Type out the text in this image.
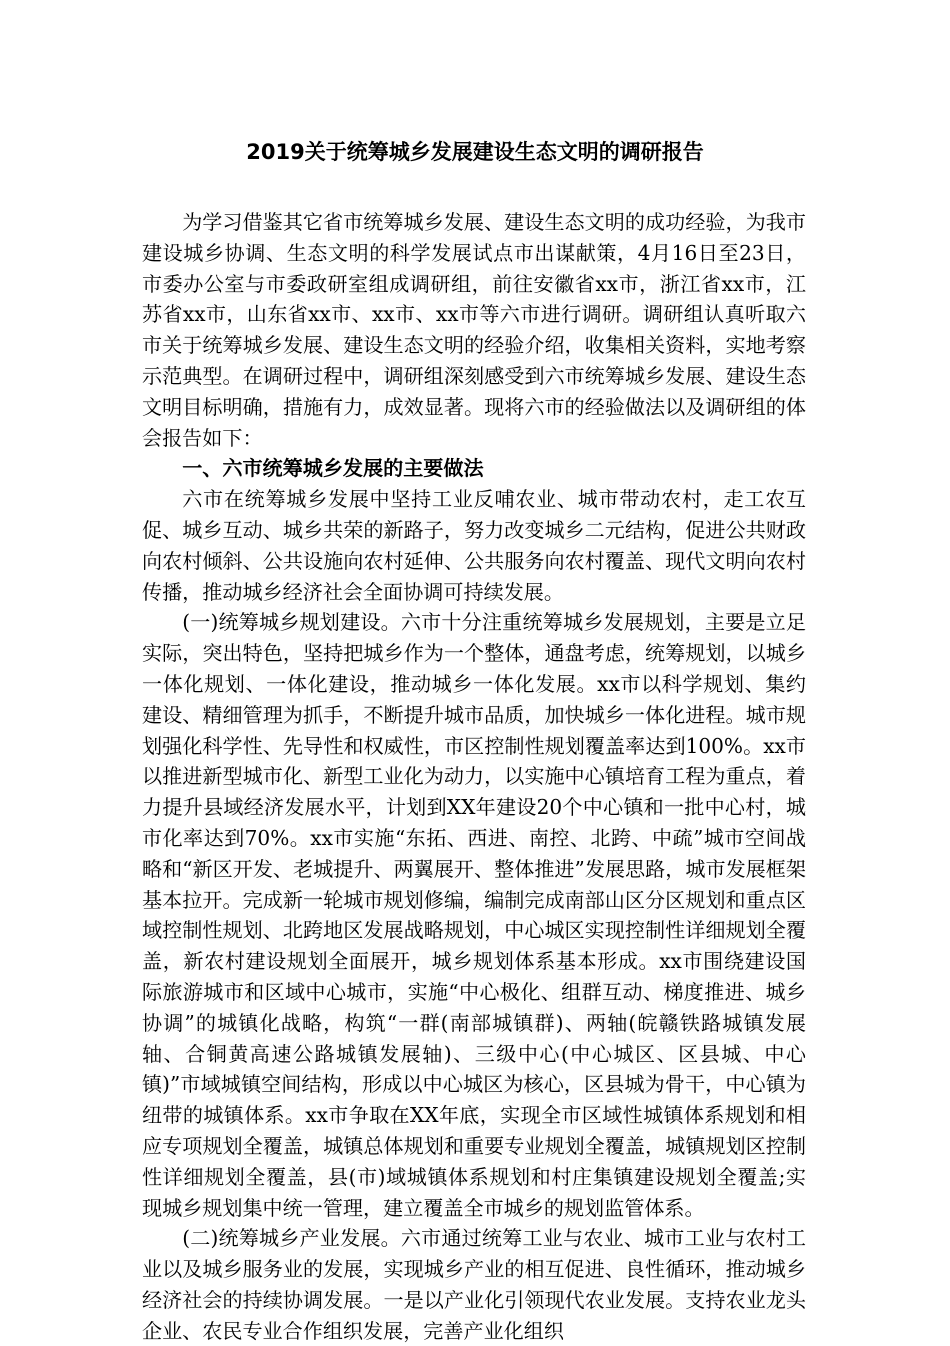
2019关于统筹城乡发展建设生态文明的调研报告

为学习借鉴其它省市统筹城乡发展、建设生态文明的成功经验，为我市建设城乡协调、生态文明的科学发展试点市出谋献策，4月16日至23日，市委办公室与市委政研室组成调研组，前往安徽省xx市，浙江省xx市，江苏省xx市，山东省xx市、xx市、xx市等六市进行调研。调研组认真听取六市关于统筹城乡发展、建设生态文明的经验介绍，收集相关资料，实地考察示范典型。在调研过程中，调研组深刻感受到六市统筹城乡发展、建设生态文明目标明确，措施有力，成效显著。现将六市的经验做法以及调研组的体会报告如下：

一、六市统筹城乡发展的主要做法

六市在统筹城乡发展中坚持工业反哺农业、城市带动农村，走工农互促、城乡互动、城乡共荣的新路子，努力改变城乡二元结构，促进公共财政向农村倾斜、公共设施向农村延伸、公共服务向农村覆盖、现代文明向农村传播，推动城乡经济社会全面协调可持续发展。

(一)统筹城乡规划建设。六市十分注重统筹城乡发展规划，主要是立足实际，突出特色，坚持把城乡作为一个整体，通盘考虑，统筹规划，以城乡一体化规划、一体化建设，推动城乡一体化发展。xx市以科学规划、集约建设、精细管理为抓手，不断提升城市品质，加快城乡一体化进程。城市规划强化科学性、先导性和权威性，市区控制性规划覆盖率达到100%。xx市以推进新型城市化、新型工业化为动力，以实施中心镇培育工程为重点，着力提升县域经济发展水平，计划到XX年建设20个中心镇和一批中心村，城市化率达到70%。xx市实施“东拓、西进、南控、北跨、中疏”城市空间战略和“新区开发、老城提升、两翼展开、整体推进”发展思路，城市发展框架基本拉开。完成新一轮城市规划修编，编制完成南部山区分区规划和重点区域控制性规划、北跨地区发展战略规划，中心城区实现控制性详细规划全覆盖，新农村建设规划全面展开，城乡规划体系基本形成。xx市围绕建设国际旅游城市和区域中心城市，实施“中心极化、组群互动、梯度推进、城乡协调”的城镇化战略，构筑“一群(南部城镇群)、两轴(皖赣铁路城镇发展轴、合铜黄高速公路城镇发展轴)、三级中心(中心城区、区县城、中心镇)”市域城镇空间结构，形成以中心城区为核心，区县城为骨干，中心镇为纽带的城镇体系。xx市争取在XX年底，实现全市区域性城镇体系规划和相应专项规划全覆盖，城镇总体规划和重要专业规划全覆盖，城镇规划区控制性详细规划全覆盖，县(市)域城镇体系规划和村庄集镇建设规划全覆盖;实现城乡规划集中统一管理，建立覆盖全市城乡的规划监管体系。

(二)统筹城乡产业发展。六市通过统筹工业与农业、城市工业与农村工业以及城乡服务业的发展，实现城乡产业的相互促进、良性循环，推动城乡经济社会的持续协调发展。一是以产业化引领现代农业发展。支持农业龙头企业、农民专业合作组织发展，完善产业化组织
